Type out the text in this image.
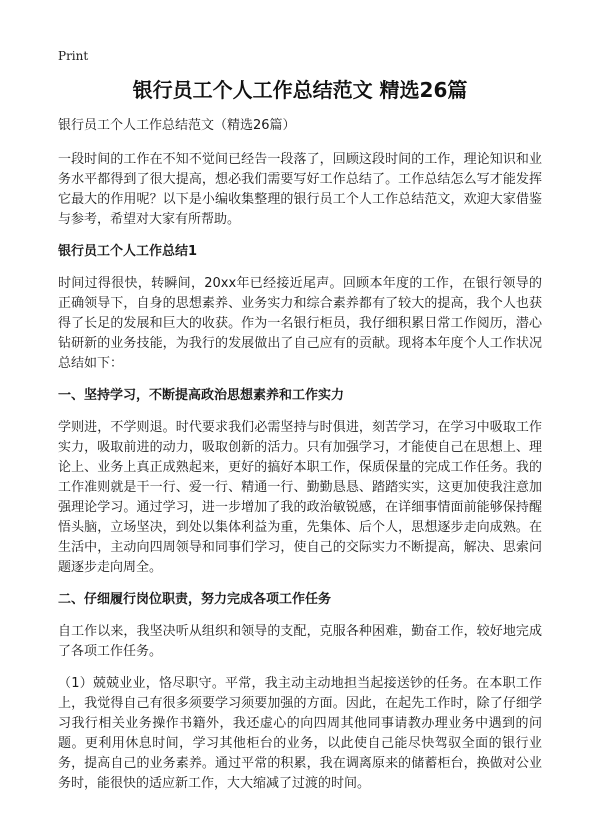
Print
银行员工个人工作总结范文 精选26篇
银行员工个人工作总结范文（精选26篇）

一段时间的工作在不知不觉间已经告一段落了，回顾这段时间的工作，理论知识和业务水平都得到了很大提高，想必我们需要写好工作总结了。工作总结怎么写才能发挥它最大的作用呢？以下是小编收集整理的银行员工个人工作总结范文，欢迎大家借鉴与参考，希望对大家有所帮助。

银行员工个人工作总结1

时间过得很快，转瞬间，20xx年已经接近尾声。回顾本年度的工作，在银行领导的正确领导下，自身的思想素养、业务实力和综合素养都有了较大的提高，我个人也获得了长足的发展和巨大的收获。作为一名银行柜员，我仔细积累日常工作阅历，潜心钻研新的业务技能，为我行的发展做出了自己应有的贡献。现将本年度个人工作状况总结如下：

一、坚持学习，不断提高政治思想素养和工作实力

学则进，不学则退。时代要求我们必需坚持与时俱进，刻苦学习，在学习中吸取工作实力，吸取前进的动力，吸取创新的活力。只有加强学习，才能使自己在思想上、理论上、业务上真正成熟起来，更好的搞好本职工作，保质保量的完成工作任务。我的工作准则就是干一行、爱一行、精通一行、勤勤恳恳、踏踏实实，这更加使我注意加强理论学习。通过学习，进一步增加了我的政治敏锐感，在详细事情面前能够保持醒悟头脑，立场坚决，到处以集体利益为重，先集体、后个人，思想逐步走向成熟。在生活中，主动向四周领导和同事们学习，使自己的交际实力不断提高，解决、思索问题逐步走向周全。

二、仔细履行岗位职责，努力完成各项工作任务

自工作以来，我坚决听从组织和领导的支配，克服各种困难，勤奋工作，较好地完成了各项工作任务。

（1）兢兢业业，恪尽职守。平常，我主动主动地担当起接送钞的任务。在本职工作上，我觉得自己有很多须要学习须要加强的方面。因此，在起先工作时，除了仔细学习我行相关业务操作书籍外，我还虚心的向四周其他同事请教办理业务中遇到的问题。更利用休息时间，学习其他柜台的业务，以此使自己能尽快驾驭全面的银行业务，提高自己的业务素养。通过平常的积累，我在调离原来的储蓄柜台，换做对公业务时，能很快的适应新工作，大大缩减了过渡的时间。
